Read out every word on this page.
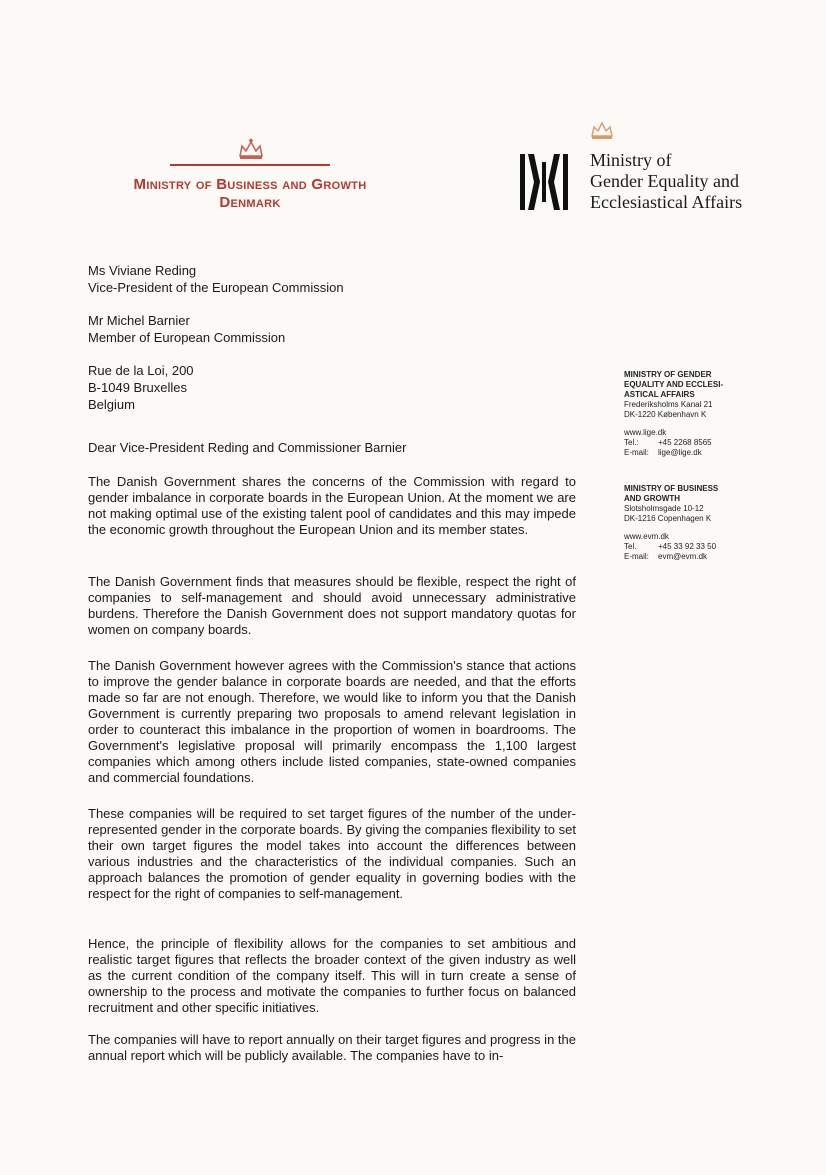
Ministry of Business and Growth
Denmark
Ministry of
Gender Equality and
Ecclesiastical Affairs
Ms Viviane Reding
Vice-President of the European Commission
Mr Michel Barnier
Member of European Commission
Rue de la Loi, 200
B-1049 Bruxelles
Belgium
MINISTRY OF GENDER
EQUALITY AND ECCLESI-
ASTICAL AFFAIRS
Frederiksholms Kanal 21
DK-1220 København K
www.lige.dk
Tel.:	+45 2268 8565
E-mail:	lige@lige.dk
MINISTRY OF BUSINESS
AND GROWTH
Slotsholmsgade 10-12
DK-1216 Copenhagen K
www.evm.dk
Tel.	+45 33 92 33 50
E-mail:	evm@evm.dk
Dear Vice-President Reding and Commissioner Barnier
The Danish Government shares the concerns of the Commission with regard to gender imbalance in corporate boards in the European Union. At the moment we are not making optimal use of the existing talent pool of candidates and this may impede the economic growth throughout the European Union and its member states.
The Danish Government finds that measures should be flexible, respect the right of companies to self-management and should avoid unnecessary administrative burdens. Therefore the Danish Government does not support mandatory quotas for women on company boards.
The Danish Government however agrees with the Commission's stance that actions to improve the gender balance in corporate boards are needed, and that the efforts made so far are not enough. Therefore, we would like to inform you that the Danish Government is currently preparing two proposals to amend relevant legislation in order to counteract this imbalance in the proportion of women in boardrooms. The Government's legislative proposal will primarily encompass the 1,100 largest companies which among others include listed companies, state-owned companies and commercial foundations.
These companies will be required to set target figures of the number of the under-represented gender in the corporate boards. By giving the companies flexibility to set their own target figures the model takes into account the differences between various industries and the characteristics of the individual companies. Such an approach balances the promotion of gender equality in governing bodies with the respect for the right of companies to self-management.
Hence, the principle of flexibility allows for the companies to set ambitious and realistic target figures that reflects the broader context of the given industry as well as the current condition of the company itself. This will in turn create a sense of ownership to the process and motivate the companies to further focus on balanced recruitment and other specific initiatives.
The companies will have to report annually on their target figures and progress in the annual report which will be publicly available. The companies have to in-
